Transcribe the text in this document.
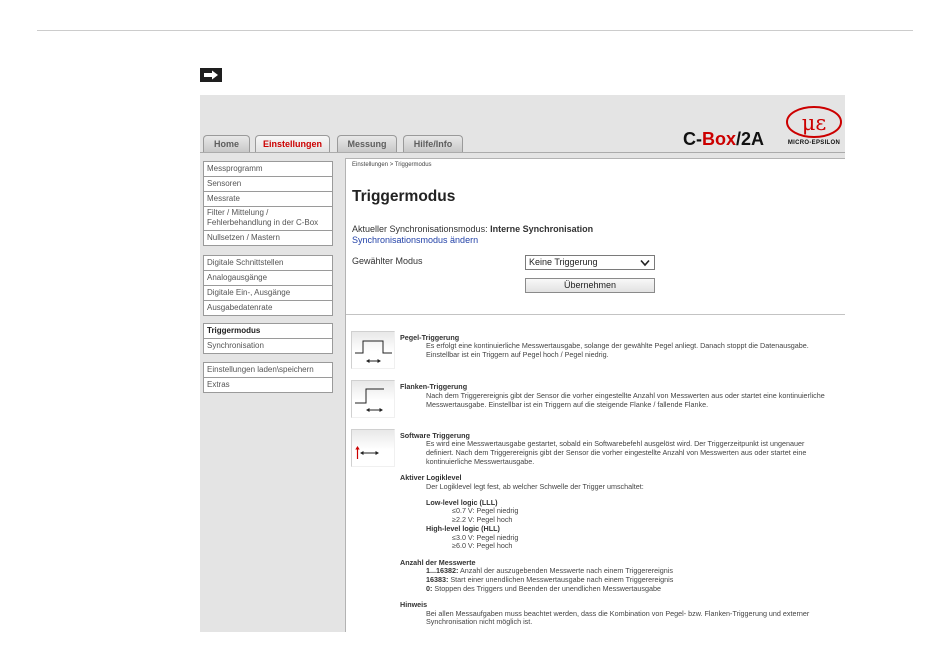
Home	Einstellungen	Messung	Hilfe/Info	C-Box/2A
με
MICRO-EPSILON
Messprogramm
Sensoren
Messrate
Filter / Mittelung /
Fehlerbehandlung in der C-Box
Nullsetzen / Mastern
Digitale Schnittstellen
Analogausgänge
Digitale Ein-, Ausgänge
Ausgabedatenrate
Triggermodus
Synchronisation
Einstellungen laden\speichern
Extras
Einstellungen > Triggermodus
Triggermodus
Aktueller Synchronisationsmodus: Interne Synchronisation
Synchronisationsmodus ändern
Gewählter Modus	Keine Triggerung
Übernehmen
Pegel-Triggerung
Es erfolgt eine kontinuierliche Messwertausgabe, solange der gewählte Pegel anliegt. Danach stoppt die Datenausgabe.
Einstellbar ist ein Triggern auf Pegel hoch / Pegel niedrig.
Flanken-Triggerung
Nach dem Triggerereignis gibt der Sensor die vorher eingestellte Anzahl von Messwerten aus oder startet eine kontinuierliche
Messwertausgabe. Einstellbar ist ein Triggern auf die steigende Flanke / fallende Flanke.
Software Triggerung
Es wird eine Messwertausgabe gestartet, sobald ein Softwarebefehl ausgelöst wird. Der Triggerzeitpunkt ist ungenauer
definiert. Nach dem Triggerereignis gibt der Sensor die vorher eingestellte Anzahl von Messwerten aus oder startet eine
kontinuierliche Messwertausgabe.
Aktiver Logiklevel
Der Logiklevel legt fest, ab welcher Schwelle der Trigger umschaltet:
Low-level logic (LLL)
≤0.7 V: Pegel niedrig
≥2.2 V: Pegel hoch
High-level logic (HLL)
≤3.0 V: Pegel niedrig
≥6.0 V: Pegel hoch
Anzahl der Messwerte
1...16382: Anzahl der auszugebenden Messwerte nach einem Triggerereignis
16383: Start einer unendlichen Messwertausgabe nach einem Triggerereignis
0: Stoppen des Triggers und Beenden der unendlichen Messwertausgabe
Hinweis
Bei allen Messaufgaben muss beachtet werden, dass die Kombination von Pegel- bzw. Flanken-Triggerung und externer
Synchronisation nicht möglich ist.
